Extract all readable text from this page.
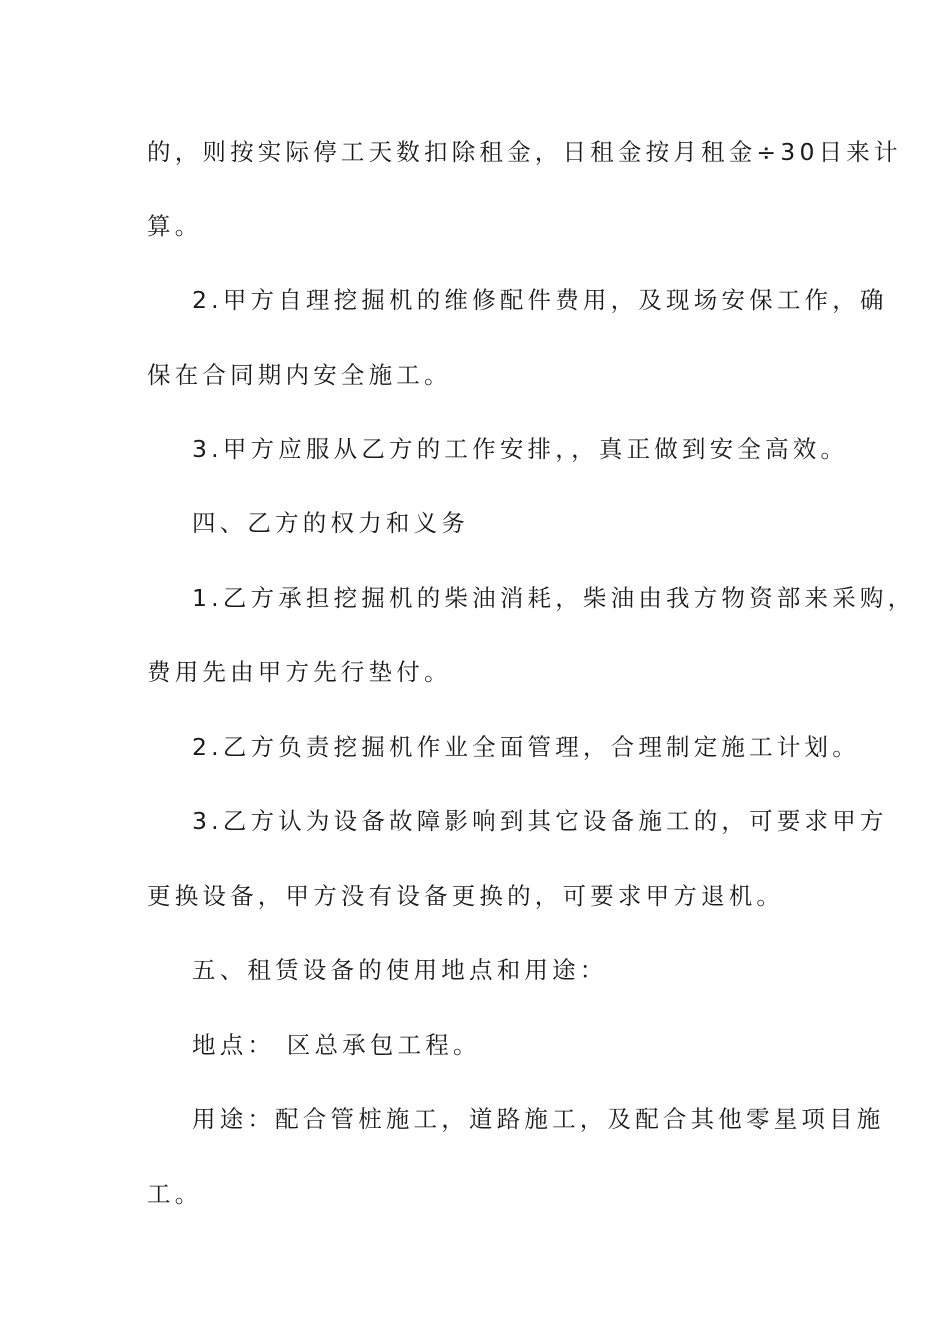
的，则按实际停工天数扣除租金，日租金按月租金÷30日来计
算。
2.甲方自理挖掘机的维修配件费用，及现场安保工作，确
保在合同期内安全施工。
3.甲方应服从乙方的工作安排，，真正做到安全高效。
四、乙方的权力和义务
1.乙方承担挖掘机的柴油消耗，柴油由我方物资部来采购，
费用先由甲方先行垫付。
2.乙方负责挖掘机作业全面管理，合理制定施工计划。
3.乙方认为设备故障影响到其它设备施工的，可要求甲方
更换设备，甲方没有设备更换的，可要求甲方退机。
五、租赁设备的使用地点和用途：
地点： 区总承包工程。
用途：配合管桩施工，道路施工，及配合其他零星项目施
工。
